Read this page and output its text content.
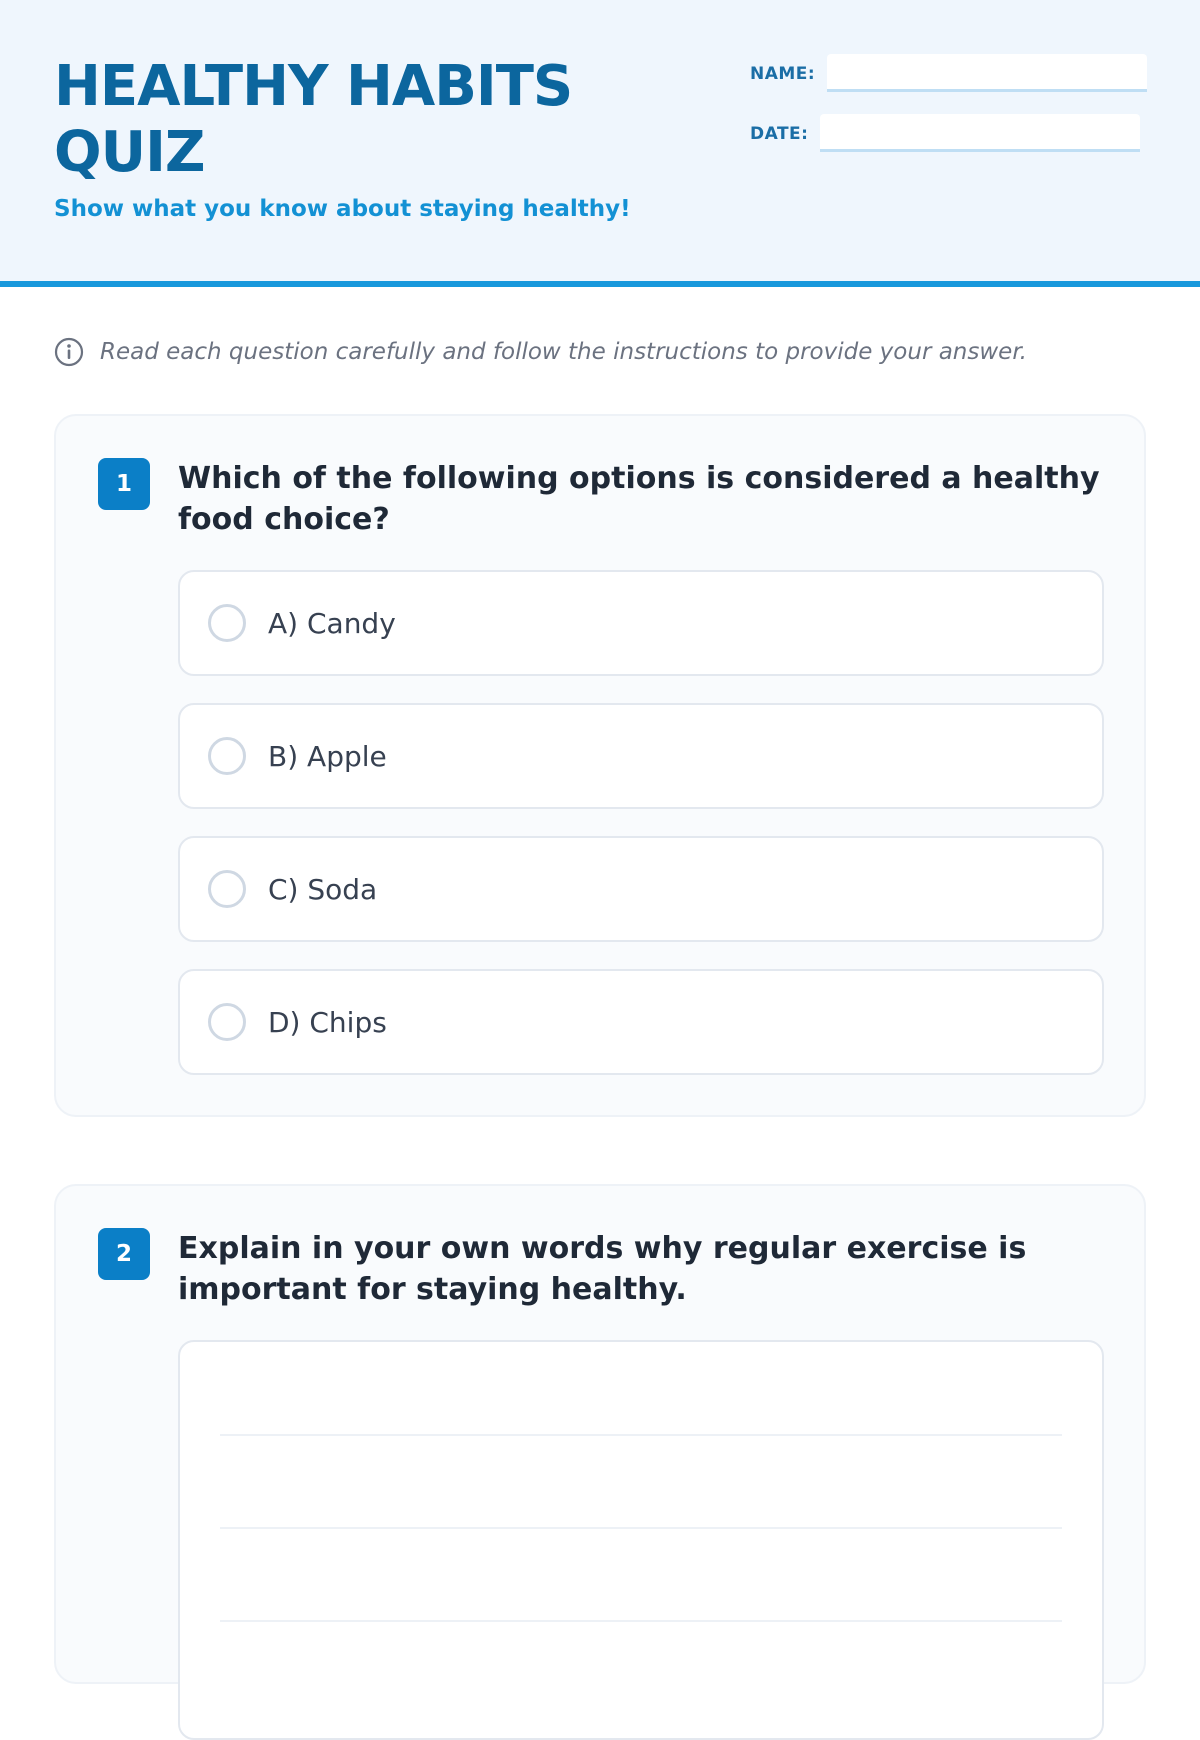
HEALTHY HABITS QUIZ
Show what you know about staying healthy!
NAME:
DATE:
Read each question carefully and follow the instructions to provide your answer.
1	Which of the following options is considered a healthy food choice?

A) Candy
B) Apple
C) Soda
D) Chips
2	Explain in your own words why regular exercise is important for staying healthy.
